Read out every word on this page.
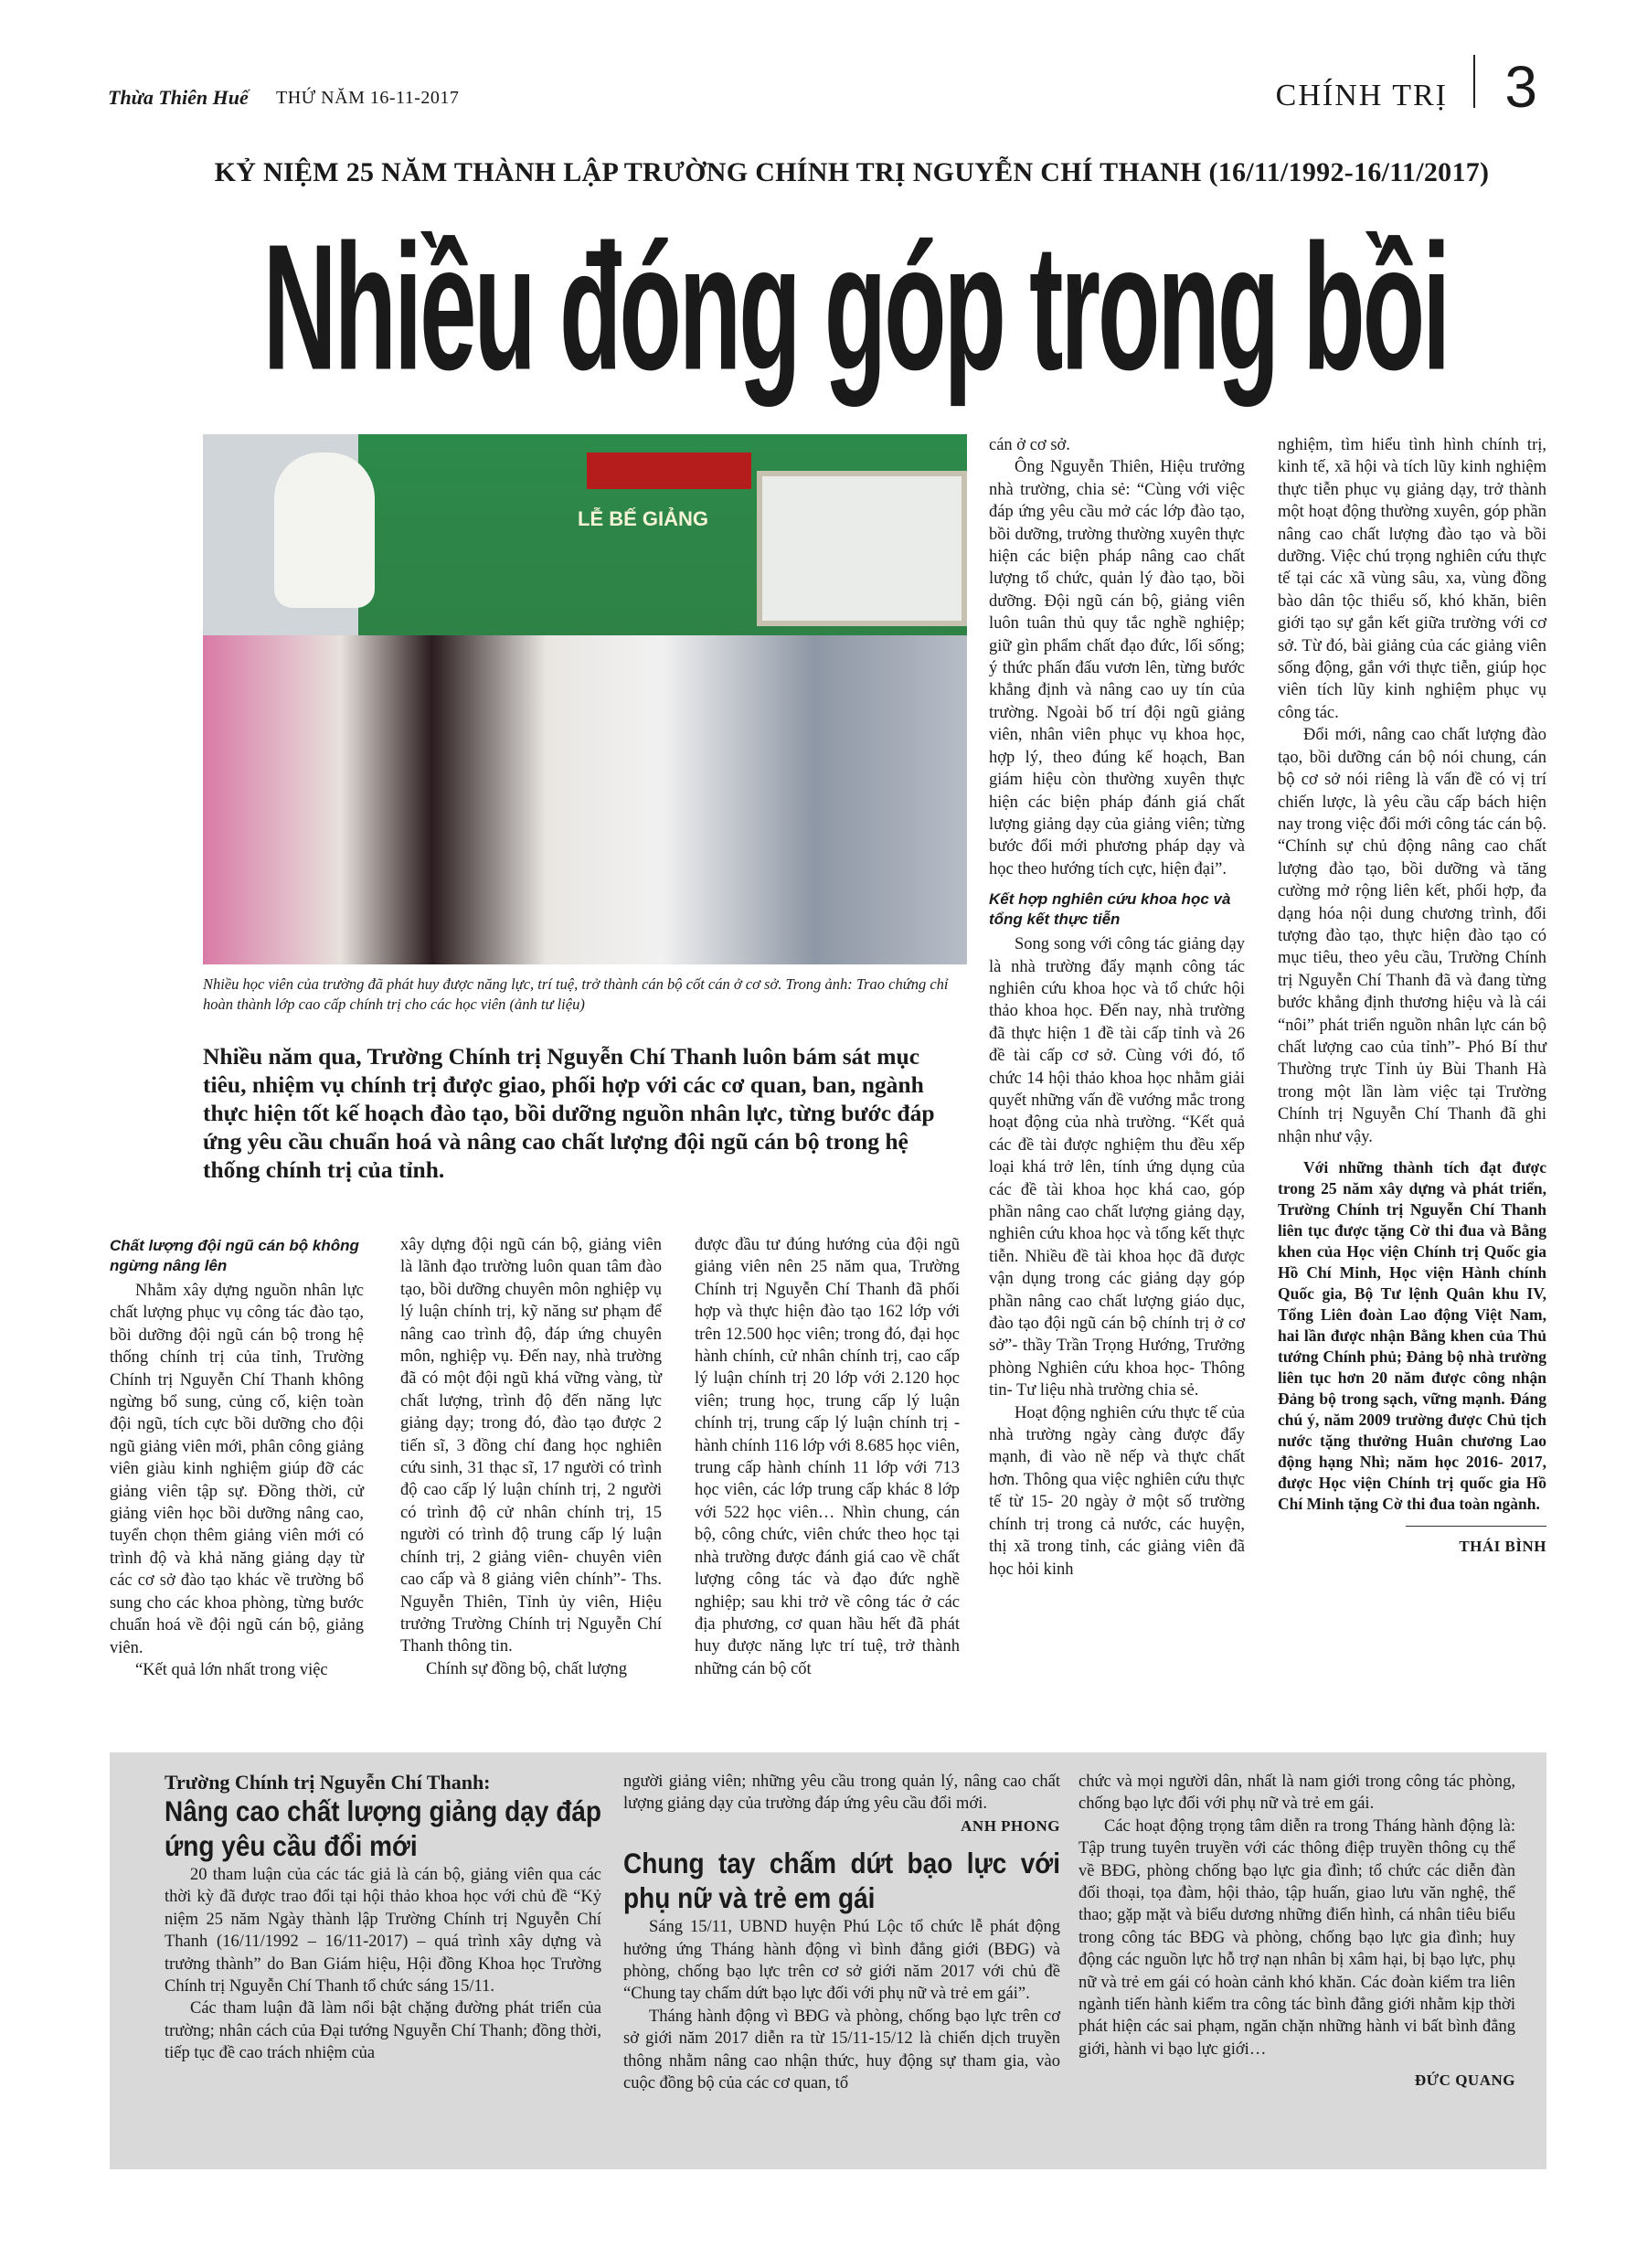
Thừa Thiên Huế THỨ NĂM 16-11-2017	CHÍNH TRỊ 3
KỶ NIỆM 25 NĂM THÀNH LẬP TRƯỜNG CHÍNH TRỊ NGUYỄN CHÍ THANH (16/11/1992-16/11/2017)
Nhiều đóng góp trong bồi
LỄ BẾ GIẢNG
Nhiều học viên của trường đã phát huy được năng lực, trí tuệ, trở thành cán bộ cốt cán ở cơ sở. Trong ảnh: Trao chứng chỉ hoàn thành lớp cao cấp chính trị cho các học viên (ảnh tư liệu)
Nhiều năm qua, Trường Chính trị Nguyễn Chí Thanh luôn bám sát mục tiêu, nhiệm vụ chính trị được giao, phối hợp với các cơ quan, ban, ngành thực hiện tốt kế hoạch đào tạo, bồi dưỡng nguồn nhân lực, từng bước đáp ứng yêu cầu chuẩn hoá và nâng cao chất lượng đội ngũ cán bộ trong hệ thống chính trị của tỉnh.
Chất lượng đội ngũ cán bộ không ngừng nâng lên

Nhằm xây dựng nguồn nhân lực chất lượng phục vụ công tác đào tạo, bồi dưỡng đội ngũ cán bộ trong hệ thống chính trị của tỉnh, Trường Chính trị Nguyễn Chí Thanh không ngừng bổ sung, củng cố, kiện toàn đội ngũ, tích cực bồi dưỡng cho đội ngũ giảng viên mới, phân công giảng viên giàu kinh nghiệm giúp đỡ các giảng viên tập sự. Đồng thời, cử giảng viên học bồi dưỡng nâng cao, tuyển chọn thêm giảng viên mới có trình độ và khả năng giảng dạy từ các cơ sở đào tạo khác về trường bổ sung cho các khoa phòng, từng bước chuẩn hoá về đội ngũ cán bộ, giảng viên.

“Kết quả lớn nhất trong việc

xây dựng đội ngũ cán bộ, giảng viên là lãnh đạo trường luôn quan tâm đào tạo, bồi dưỡng chuyên môn nghiệp vụ lý luận chính trị, kỹ năng sư phạm để nâng cao trình độ, đáp ứng chuyên môn, nghiệp vụ. Đến nay, nhà trường đã có một đội ngũ khá vững vàng, từ chất lượng, trình độ đến năng lực giảng dạy; trong đó, đào tạo được 2 tiến sĩ, 3 đồng chí đang học nghiên cứu sinh, 31 thạc sĩ, 17 người có trình độ cao cấp lý luận chính trị, 2 người có trình độ cử nhân chính trị, 15 người có trình độ trung cấp lý luận chính trị, 2 giảng viên- chuyên viên cao cấp và 8 giảng viên chính”- Ths. Nguyễn Thiên, Tỉnh ủy viên, Hiệu trưởng Trường Chính trị Nguyễn Chí Thanh thông tin.

Chính sự đồng bộ, chất lượng

được đầu tư đúng hướng của đội ngũ giảng viên nên 25 năm qua, Trường Chính trị Nguyễn Chí Thanh đã phối hợp và thực hiện đào tạo 162 lớp với trên 12.500 học viên; trong đó, đại học hành chính, cử nhân chính trị, cao cấp lý luận chính trị 20 lớp với 2.120 học viên; trung học, trung cấp lý luận chính trị, trung cấp lý luận chính trị - hành chính 116 lớp với 8.685 học viên, trung cấp hành chính 11 lớp với 713 học viên, các lớp trung cấp khác 8 lớp với 522 học viên… Nhìn chung, cán bộ, công chức, viên chức theo học tại nhà trường được đánh giá cao về chất lượng công tác và đạo đức nghề nghiệp; sau khi trở về công tác ở các địa phương, cơ quan hầu hết đã phát huy được năng lực trí tuệ, trở thành những cán bộ cốt

cán ở cơ sở.

Ông Nguyễn Thiên, Hiệu trưởng nhà trường, chia sẻ: “Cùng với việc đáp ứng yêu cầu mở các lớp đào tạo, bồi dưỡng, trường thường xuyên thực hiện các biện pháp nâng cao chất lượng tổ chức, quản lý đào tạo, bồi dưỡng. Đội ngũ cán bộ, giảng viên luôn tuân thủ quy tắc nghề nghiệp; giữ gìn phẩm chất đạo đức, lối sống; ý thức phấn đấu vươn lên, từng bước khẳng định và nâng cao uy tín của trường. Ngoài bố trí đội ngũ giảng viên, nhân viên phục vụ khoa học, hợp lý, theo đúng kế hoạch, Ban giám hiệu còn thường xuyên thực hiện các biện pháp đánh giá chất lượng giảng dạy của giảng viên; từng bước đổi mới phương pháp dạy và học theo hướng tích cực, hiện đại”.

Kết hợp nghiên cứu khoa học và tổng kết thực tiễn

Song song với công tác giảng dạy là nhà trường đẩy mạnh công tác nghiên cứu khoa học và tổ chức hội thảo khoa học. Đến nay, nhà trường đã thực hiện 1 đề tài cấp tỉnh và 26 đề tài cấp cơ sở. Cùng với đó, tổ chức 14 hội thảo khoa học nhằm giải quyết những vấn đề vướng mắc trong hoạt động của nhà trường. “Kết quả các đề tài được nghiệm thu đều xếp loại khá trở lên, tính ứng dụng của các đề tài khoa học khá cao, góp phần nâng cao chất lượng giảng dạy, nghiên cứu khoa học và tổng kết thực tiễn. Nhiều đề tài khoa học đã được vận dụng trong các giảng dạy góp phần nâng cao chất lượng giáo dục, đào tạo đội ngũ cán bộ chính trị ở cơ sở”- thầy Trần Trọng Hướng, Trưởng phòng Nghiên cứu khoa học- Thông tin- Tư liệu nhà trường chia sẻ.

Hoạt động nghiên cứu thực tế của nhà trường ngày càng được đẩy mạnh, đi vào nề nếp và thực chất hơn. Thông qua việc nghiên cứu thực tế từ 15- 20 ngày ở một số trường chính trị trong cả nước, các huyện, thị xã trong tỉnh, các giảng viên đã học hỏi kinh

nghiệm, tìm hiểu tình hình chính trị, kinh tế, xã hội và tích lũy kinh nghiệm thực tiễn phục vụ giảng dạy, trở thành một hoạt động thường xuyên, góp phần nâng cao chất lượng đào tạo và bồi dưỡng. Việc chú trọng nghiên cứu thực tế tại các xã vùng sâu, xa, vùng đồng bào dân tộc thiểu số, khó khăn, biên giới tạo sự gắn kết giữa trường với cơ sở. Từ đó, bài giảng của các giảng viên sống động, gắn với thực tiễn, giúp học viên tích lũy kinh nghiệm phục vụ công tác.

Đổi mới, nâng cao chất lượng đào tạo, bồi dưỡng cán bộ nói chung, cán bộ cơ sở nói riêng là vấn đề có vị trí chiến lược, là yêu cầu cấp bách hiện nay trong việc đổi mới công tác cán bộ. “Chính sự chủ động nâng cao chất lượng đào tạo, bồi dưỡng và tăng cường mở rộng liên kết, phối hợp, đa dạng hóa nội dung chương trình, đổi tượng đào tạo, thực hiện đào tạo có mục tiêu, theo yêu cầu, Trường Chính trị Nguyễn Chí Thanh đã và đang từng bước khẳng định thương hiệu và là cái “nôi” phát triển nguồn nhân lực cán bộ chất lượng cao của tỉnh”- Phó Bí thư Thường trực Tỉnh ủy Bùi Thanh Hà trong một lần làm việc tại Trường Chính trị Nguyễn Chí Thanh đã ghi nhận như vậy.

Với những thành tích đạt được trong 25 năm xây dựng và phát triển, Trường Chính trị Nguyễn Chí Thanh liên tục được tặng Cờ thi đua và Bằng khen của Học viện Chính trị Quốc gia Hồ Chí Minh, Học viện Hành chính Quốc gia, Bộ Tư lệnh Quân khu IV, Tổng Liên đoàn Lao động Việt Nam, hai lần được nhận Bằng khen của Thủ tướng Chính phủ; Đảng bộ nhà trường liên tục hơn 20 năm được công nhận Đảng bộ trong sạch, vững mạnh. Đáng chú ý, năm 2009 trường được Chủ tịch nước tặng thưởng Huân chương Lao động hạng Nhì; năm học 2016- 2017, được Học viện Chính trị quốc gia Hồ Chí Minh tặng Cờ thi đua toàn ngành.

THÁI BÌNH
Trường Chính trị Nguyễn Chí Thanh:
Nâng cao chất lượng giảng dạy đáp ứng yêu cầu đổi mới

20 tham luận của các tác giả là cán bộ, giảng viên qua các thời kỳ đã được trao đổi tại hội thảo khoa học với chủ đề “Kỷ niệm 25 năm Ngày thành lập Trường Chính trị Nguyễn Chí Thanh (16/11/1992 – 16/11-2017) – quá trình xây dựng và trưởng thành” do Ban Giám hiệu, Hội đồng Khoa học Trường Chính trị Nguyễn Chí Thanh tổ chức sáng 15/11.

Các tham luận đã làm nổi bật chặng đường phát triển của trường; nhân cách của Đại tướng Nguyễn Chí Thanh; đồng thời, tiếp tục đề cao trách nhiệm của

người giảng viên; những yêu cầu trong quản lý, nâng cao chất lượng giảng dạy của trường đáp ứng yêu cầu đổi mới.

ANH PHONG
Chung tay chấm dứt bạo lực với phụ nữ và trẻ em gái

Sáng 15/11, UBND huyện Phú Lộc tổ chức lễ phát động hưởng ứng Tháng hành động vì bình đẳng giới (BĐG) và phòng, chống bạo lực trên cơ sở giới năm 2017 với chủ đề “Chung tay chấm dứt bạo lực đối với phụ nữ và trẻ em gái”.

Tháng hành động vì BĐG và phòng, chống bạo lực trên cơ sở giới năm 2017 diễn ra từ 15/11-15/12 là chiến dịch truyền thông nhằm nâng cao nhận thức, huy động sự tham gia, vào cuộc đồng bộ của các cơ quan, tổ

chức và mọi người dân, nhất là nam giới trong công tác phòng, chống bạo lực đối với phụ nữ và trẻ em gái.

Các hoạt động trọng tâm diễn ra trong Tháng hành động là: Tập trung tuyên truyền với các thông điệp truyền thông cụ thể về BĐG, phòng chống bạo lực gia đình; tổ chức các diễn đàn đối thoại, tọa đàm, hội thảo, tập huấn, giao lưu văn nghệ, thể thao; gặp mặt và biểu dương những điển hình, cá nhân tiêu biểu trong công tác BĐG và phòng, chống bạo lực gia đình; huy động các nguồn lực hỗ trợ nạn nhân bị xâm hại, bị bạo lực, phụ nữ và trẻ em gái có hoàn cảnh khó khăn. Các đoàn kiểm tra liên ngành tiến hành kiểm tra công tác bình đẳng giới nhằm kịp thời phát hiện các sai phạm, ngăn chặn những hành vi bất bình đẳng giới, hành vi bạo lực giới…

ĐỨC QUANG
